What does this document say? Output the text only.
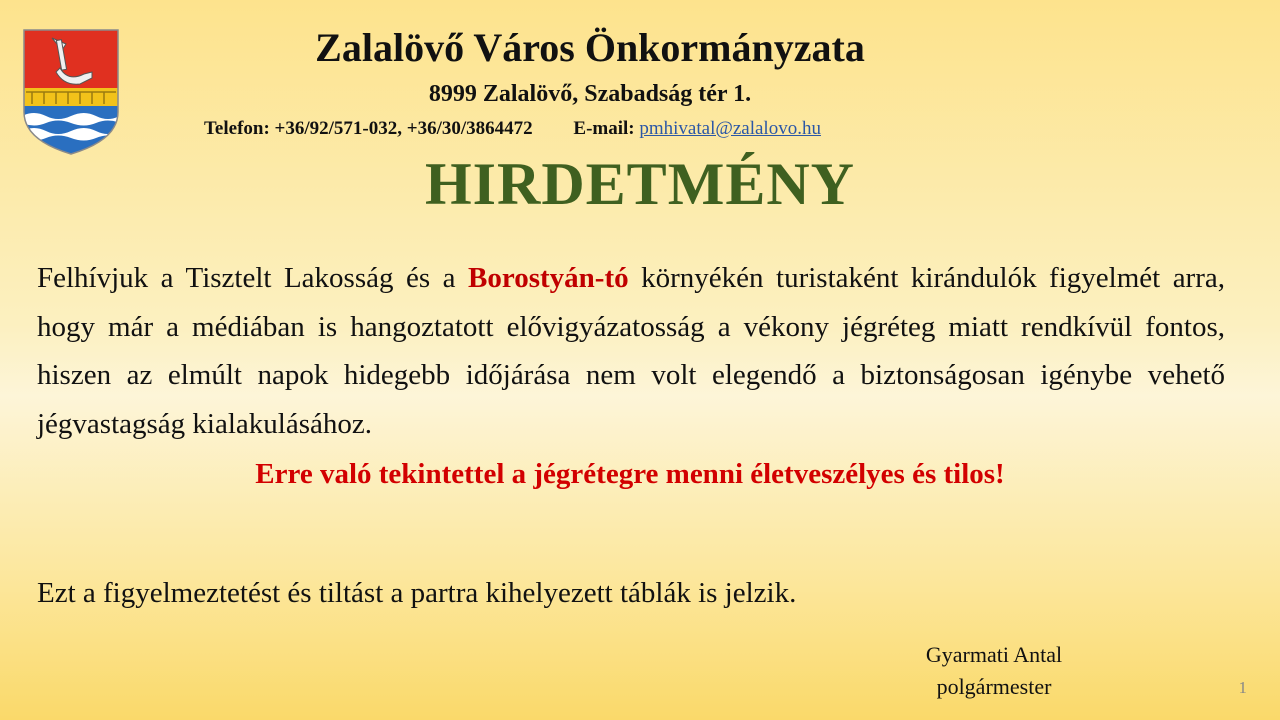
Zalalövő Város Önkormányzata
8999 Zalalövő, Szabadság tér 1.
Telefon: +36/92/571-032, +36/30/3864472 E-mail: pmhivatal@zalalovo.hu
HIRDETMÉNY
Felhívjuk a Tisztelt Lakosság és a Borostyán-tó környékén turistaként kirándulók figyelmét arra, hogy már a médiában is hangoztatott elővigyázatosság a vékony jégréteg miatt rendkívül fontos, hiszen az elmúlt napok hidegebb időjárása nem volt elegendő a biztonságosan igénybe vehető jégvastagság kialakulásához.
Erre való tekintettel a jégrétegre menni életveszélyes és tilos!
Ezt a figyelmeztetést és tiltást a partra kihelyezett táblák is jelzik.
Gyarmati Antal
polgármester	1
